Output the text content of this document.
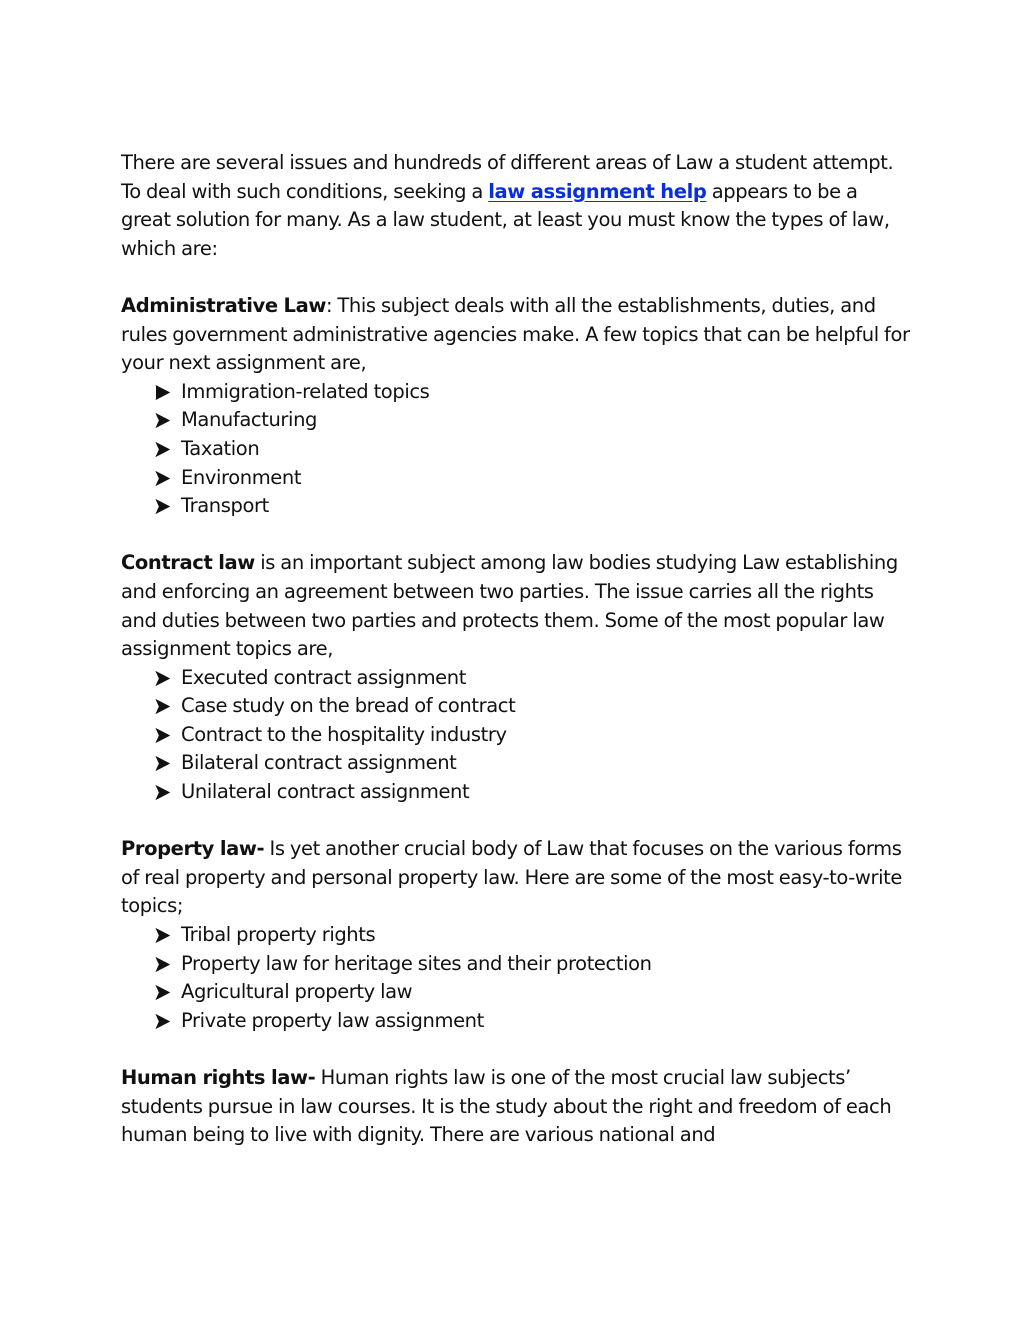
There are several issues and hundreds of different areas of Law a student attempt. To deal with such conditions, seeking a law assignment help appears to be a great solution for many. As a law student, at least you must know the types of law, which are:

Administrative Law: This subject deals with all the establishments, duties, and rules government administrative agencies make. A few topics that can be helpful for your next assignment are,

Immigration-related topics
Manufacturing
Taxation
Environment
Transport

Contract law is an important subject among law bodies studying Law establishing and enforcing an agreement between two parties. The issue carries all the rights and duties between two parties and protects them. Some of the most popular law assignment topics are,

Executed contract assignment
Case study on the bread of contract
Contract to the hospitality industry
Bilateral contract assignment
Unilateral contract assignment

Property law- Is yet another crucial body of Law that focuses on the various forms of real property and personal property law. Here are some of the most easy-to-write topics;

Tribal property rights
Property law for heritage sites and their protection
Agricultural property law
Private property law assignment

Human rights law- Human rights law is one of the most crucial law subjects’ students pursue in law courses. It is the study about the right and freedom of each human being to live with dignity. There are various national and
